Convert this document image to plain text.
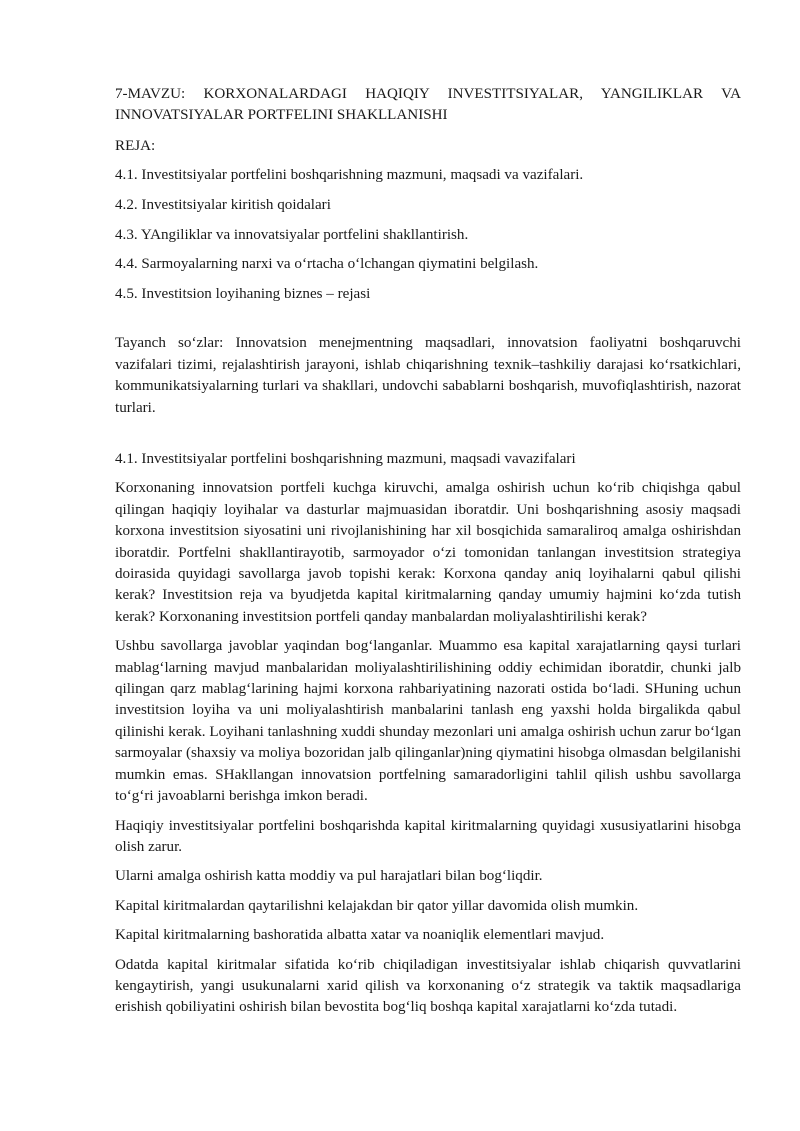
7-MAVZU: KORXONALARDAGI HAQIQIY INVESTITSIYALAR, YANGILIKLAR VA INNOVATSIYALAR PORTFELINI SHAKLLANISHI

REJA:

4.1. Investitsiyalar portfelini boshqarishning mazmuni, maqsadi va vazifalari.

4.2. Investitsiyalar kiritish qoidalari

4.3. YAngiliklar va innovatsiyalar portfelini shakllantirish.

4.4. Sarmoyalarning narxi va o‘rtacha o‘lchangan qiymatini belgilash.

4.5. Investitsion loyihaning biznes – rejasi

Tayanch so‘zlar: Innovatsion menejmentning maqsadlari, innovatsion faoliyatni boshqaruvchi vazifalari tizimi, rejalashtirish jarayoni, ishlab chiqarishning texnik–tashkiliy darajasi ko‘rsatkichlari, kommunikatsiyalarning turlari va shakllari, undovchi sabablarni boshqarish, muvofiqlashtirish, nazorat turlari.

4.1. Investitsiyalar portfelini boshqarishning mazmuni, maqsadi vavazifalari

Korxonaning innovatsion portfeli kuchga kiruvchi, amalga oshirish uchun ko‘rib chiqishga qabul qilingan haqiqiy loyihalar va dasturlar majmuasidan iboratdir. Uni boshqarishning asosiy maqsadi korxona investitsion siyosatini uni rivojlanishining har xil bosqichida samaraliroq amalga oshirishdan iboratdir. Portfelni shakllantirayotib, sarmoyador o‘zi tomonidan tanlangan investitsion strategiya doirasida quyidagi savollarga javob topishi kerak: Korxona qanday aniq loyihalarni qabul qilishi kerak? Investitsion reja va byudjetda kapital kiritmalarning qanday umumiy hajmini ko‘zda tutish kerak? Korxonaning investitsion portfeli qanday manbalardan moliyalashtirilishi kerak?

Ushbu savollarga javoblar yaqindan bog‘langanlar. Muammo esa kapital xarajatlarning qaysi turlari mablag‘larning mavjud manbalaridan moliyalashtirilishining oddiy echimidan iboratdir, chunki jalb qilingan qarz mablag‘larining hajmi korxona rahbariyatining nazorati ostida bo‘ladi. SHuning uchun investitsion loyiha va uni moliyalashtirish manbalarini tanlash eng yaxshi holda birgalikda qabul qilinishi kerak. Loyihani tanlashning xuddi shunday mezonlari uni amalga oshirish uchun zarur bo‘lgan sarmoyalar (shaxsiy va moliya bozoridan jalb qilinganlar)ning qiymatini hisobga olmasdan belgilanishi mumkin emas. SHakllangan innovatsion portfelning samaradorligini tahlil qilish ushbu savollarga to‘g‘ri javoablarni berishga imkon beradi.

Haqiqiy investitsiyalar portfelini boshqarishda kapital kiritmalarning quyidagi xususiyatlarini hisobga olish zarur.

Ularni amalga oshirish katta moddiy va pul harajatlari bilan bog‘liqdir.

Kapital kiritmalardan qaytarilishni kelajakdan bir qator yillar davomida olish mumkin.

Kapital kiritmalarning bashoratida albatta xatar va noaniqlik elementlari mavjud.

Odatda kapital kiritmalar sifatida ko‘rib chiqiladigan investitsiyalar ishlab chiqarish quvvatlarini kengaytirish, yangi usukunalarni xarid qilish va korxonaning o‘z strategik va taktik maqsadlariga erishish qobiliyatini oshirish bilan bevostita bog‘liq boshqa kapital xarajatlarni ko‘zda tutadi.
